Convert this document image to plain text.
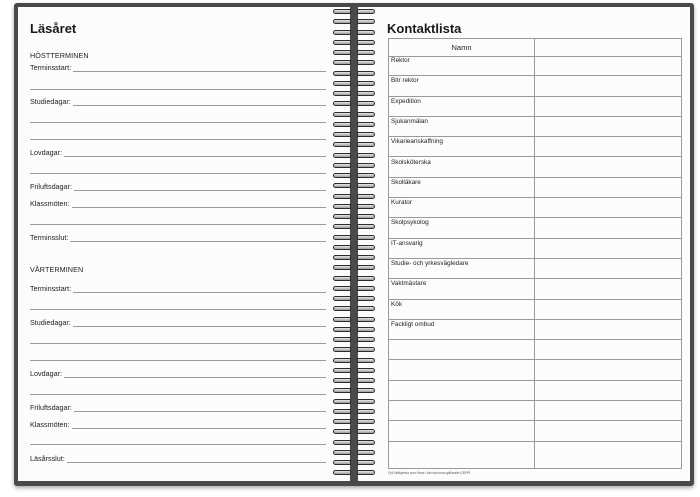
Läsåret
HÖSTTERMINEN
Terminsstart:
Studiedagar:
Lovdagar:
Friluftsdagar:
Klassmöten:
Terminsslut:
VÅRTERMINEN
Terminsstart:
Studiedagar:
Lovdagar:
Friluftsdagar:
Klassmöten:
Läsårsslut:
Kontaktlista
Namn
Rektor
Bitr rektor
Expedition
Sjukanmälan
Vikarieanskaffning
Skolsköterska
Skolläkare
Kurator
Skolpsykolog
IT-ansvarig
Studie- och yrkesvägledare
Vaktmästare
Kök
Fackligt ombud
Fyll i/ktfojerna som finns i din kommun gällande GDPR
